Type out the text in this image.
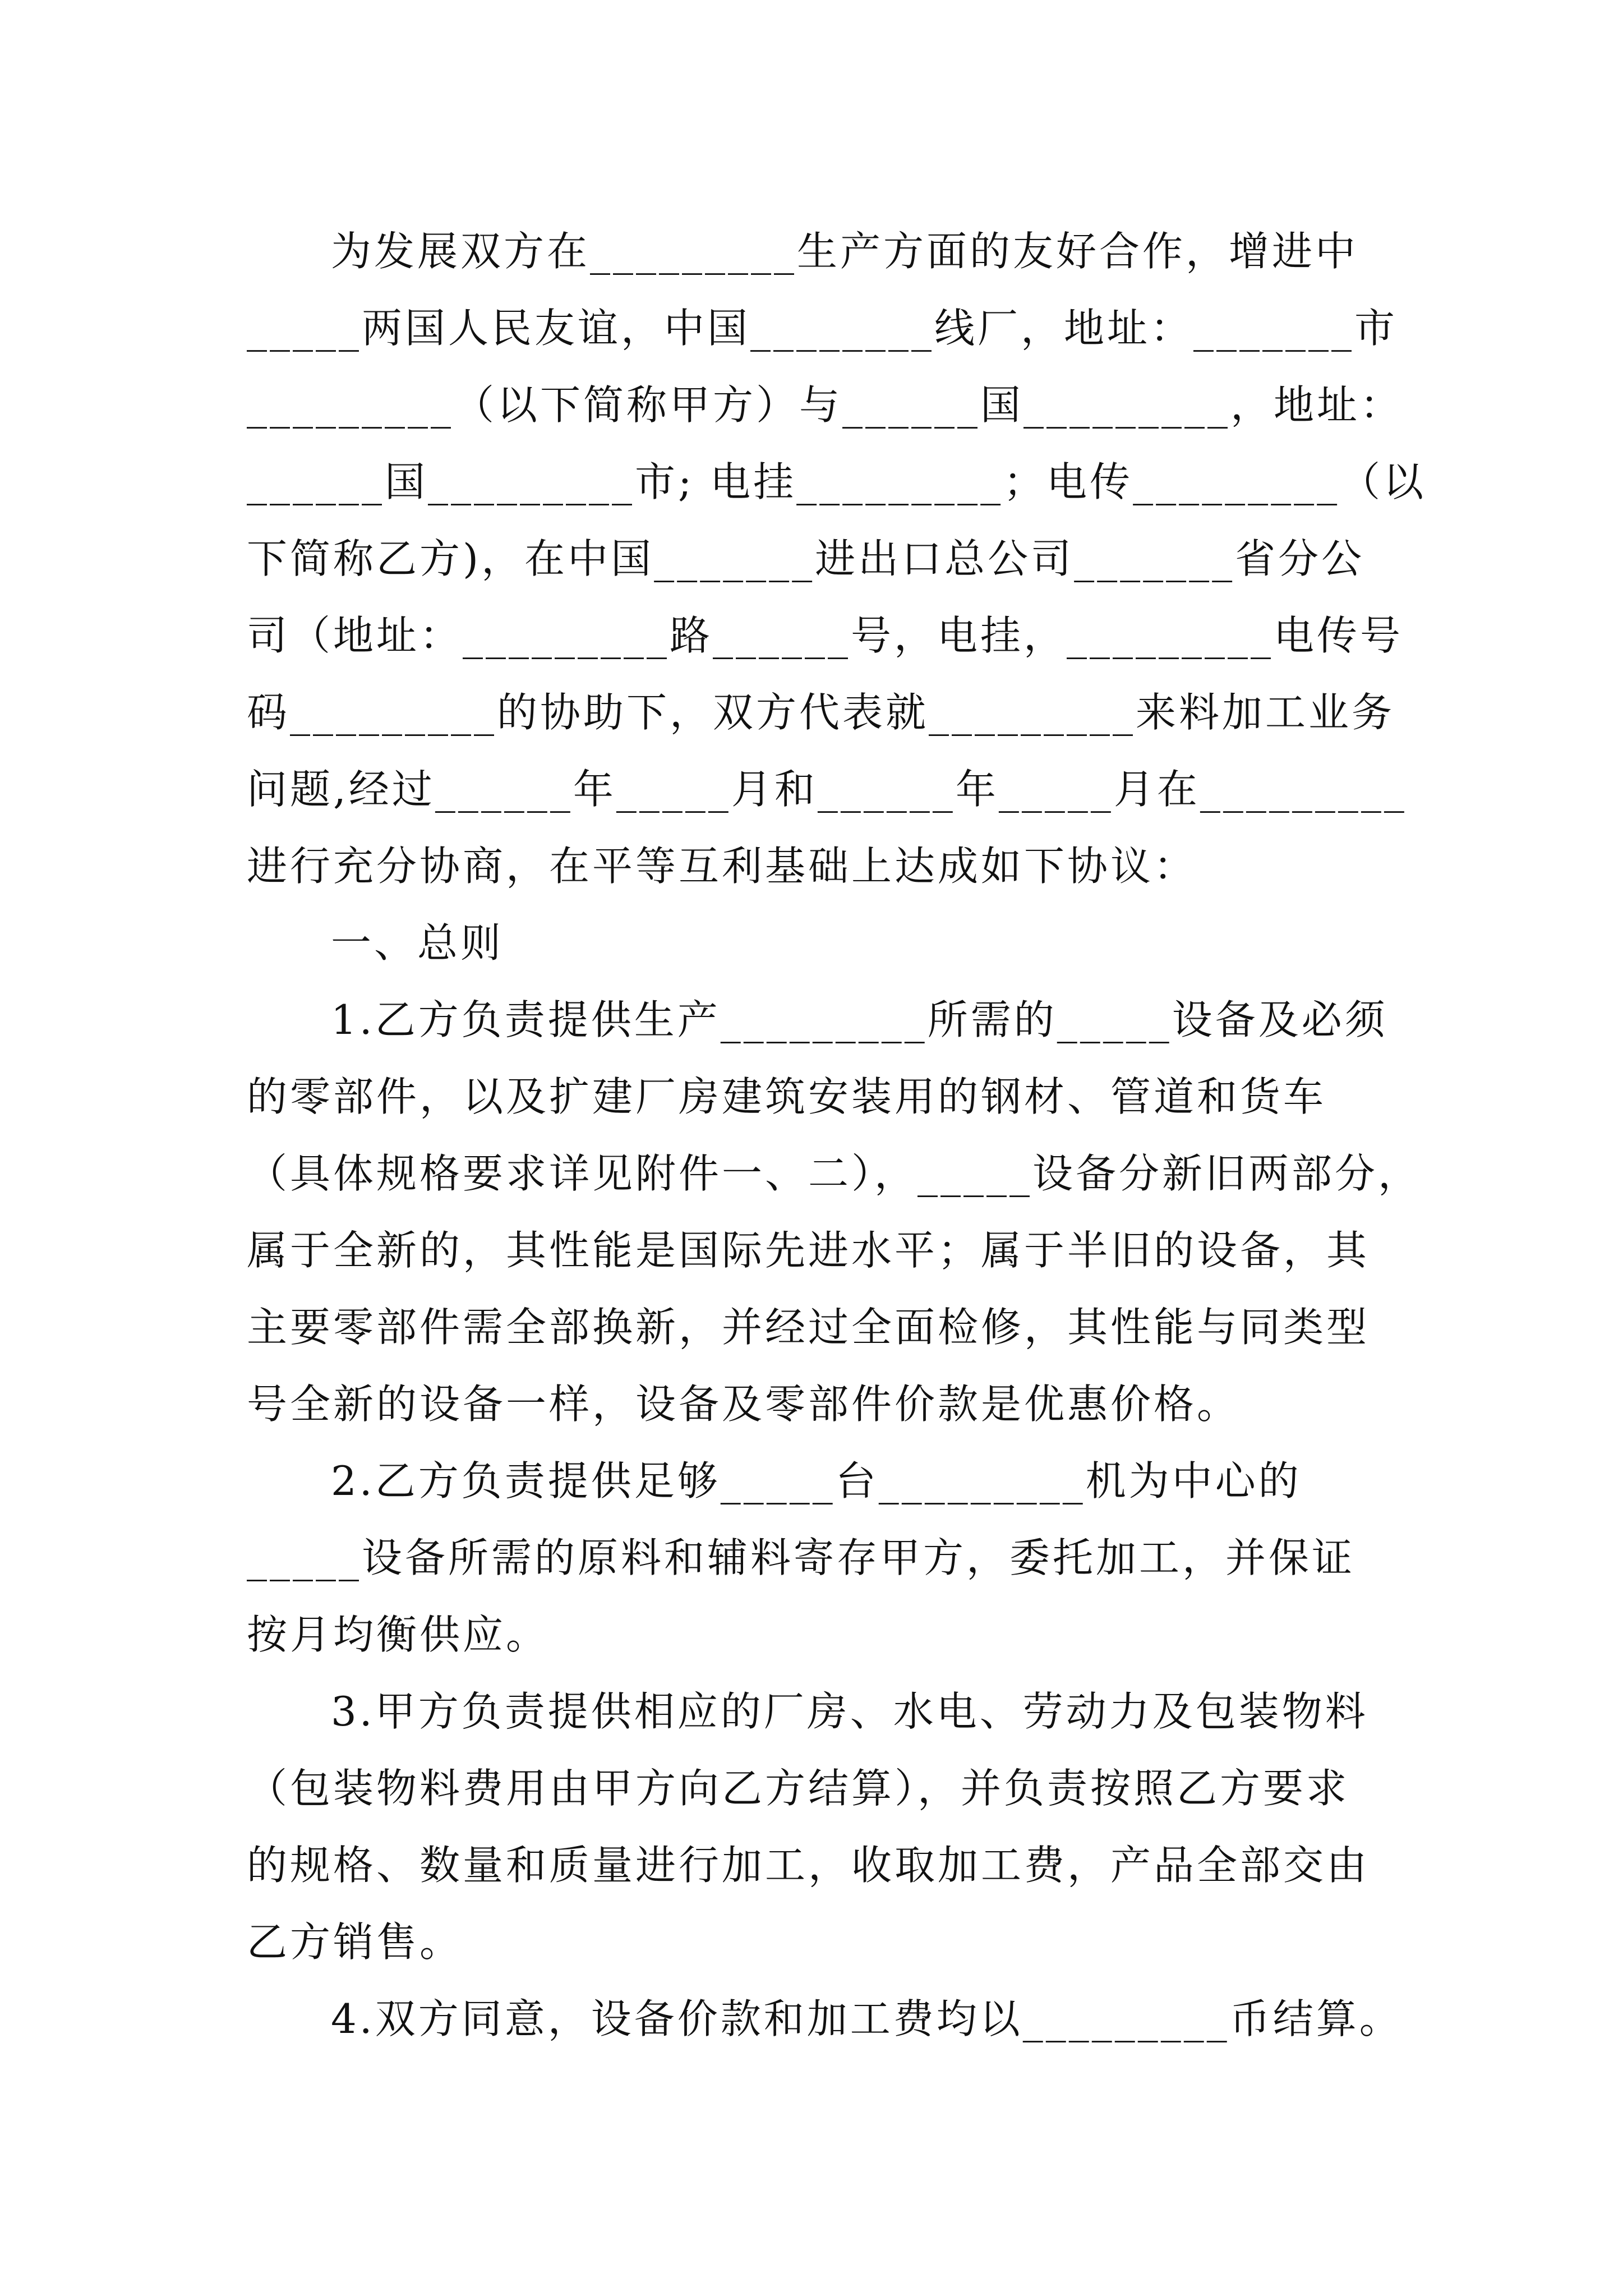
为发展双方在_________生产方面的友好合作，增进中
_____两国人民友谊，中国________线厂，地址：_______市
_________（以下简称甲方）与______国_________，地址：
______国_________市; 电挂_________；电传_________（以
下简称乙方)，在中国_______进出口总公司_______省分公
司（地址：_________路______号，电挂，_________电传号
码_________的协助下，双方代表就_________来料加工业务
问题,经过______年_____月和______年_____月在_________
进行充分协商，在平等互利基础上达成如下协议：
一、总则
1.乙方负责提供生产_________所需的_____设备及必须
的零部件，以及扩建厂房建筑安装用的钢材、管道和货车
（具体规格要求详见附件一、二），_____设备分新旧两部分，
属于全新的，其性能是国际先进水平；属于半旧的设备，其
主要零部件需全部换新，并经过全面检修，其性能与同类型
号全新的设备一样，设备及零部件价款是优惠价格。
2.乙方负责提供足够_____台_________机为中心的
_____设备所需的原料和辅料寄存甲方，委托加工，并保证
按月均衡供应。
3.甲方负责提供相应的厂房、水电、劳动力及包装物料
（包装物料费用由甲方向乙方结算），并负责按照乙方要求
的规格、数量和质量进行加工，收取加工费，产品全部交由
乙方销售。
4.双方同意，设备价款和加工费均以_________币结算。
